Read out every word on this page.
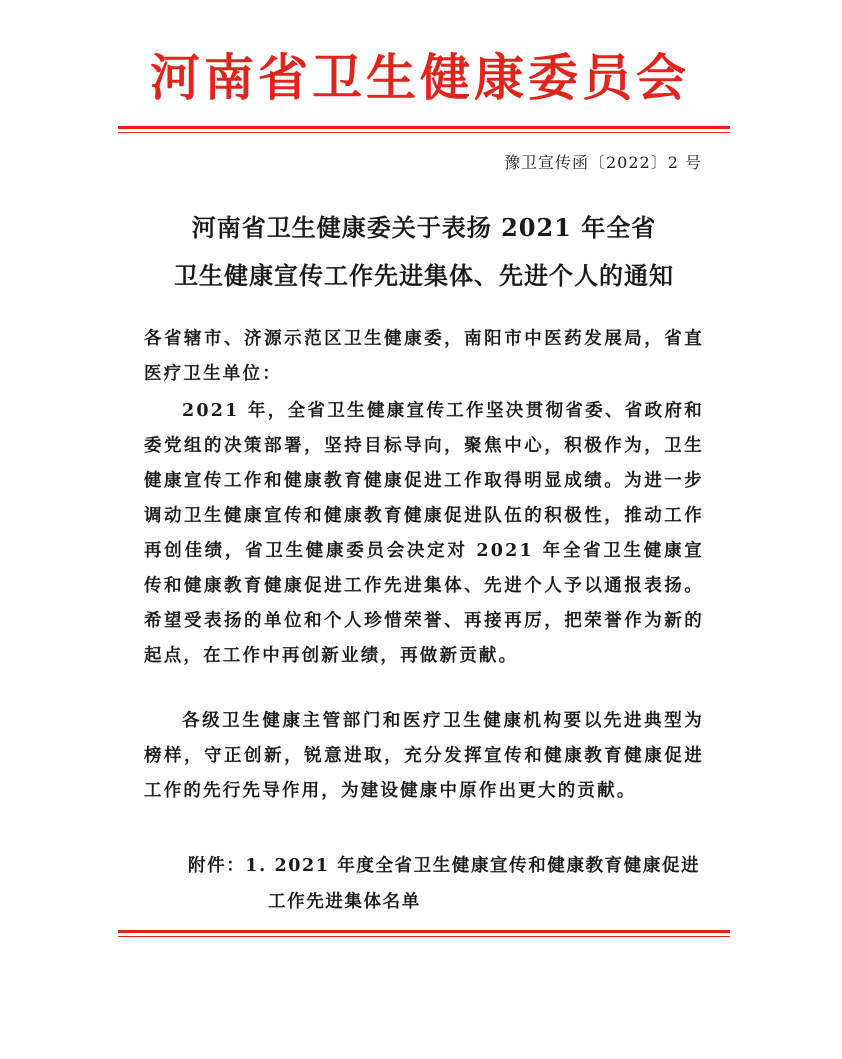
河南省卫生健康委员会
豫卫宣传函〔2022〕2 号
河南省卫生健康委关于表扬 2021 年全省
卫生健康宣传工作先进集体、先进个人的通知
各省辖市、济源示范区卫生健康委，南阳市中医药发展局，省直医疗卫生单位：
2021 年，全省卫生健康宣传工作坚决贯彻省委、省政府和委党组的决策部署，坚持目标导向，聚焦中心，积极作为，卫生健康宣传工作和健康教育健康促进工作取得明显成绩。为进一步调动卫生健康宣传和健康教育健康促进队伍的积极性，推动工作再创佳绩，省卫生健康委员会决定对 2021 年全省卫生健康宣传和健康教育健康促进工作先进集体、先进个人予以通报表扬。希望受表扬的单位和个人珍惜荣誉、再接再厉，把荣誉作为新的起点，在工作中再创新业绩，再做新贡献。
各级卫生健康主管部门和医疗卫生健康机构要以先进典型为榜样，守正创新，锐意进取，充分发挥宣传和健康教育健康促进工作的先行先导作用，为建设健康中原作出更大的贡献。
附件：1. 2021 年度全省卫生健康宣传和健康教育健康促进
工作先进集体名单
